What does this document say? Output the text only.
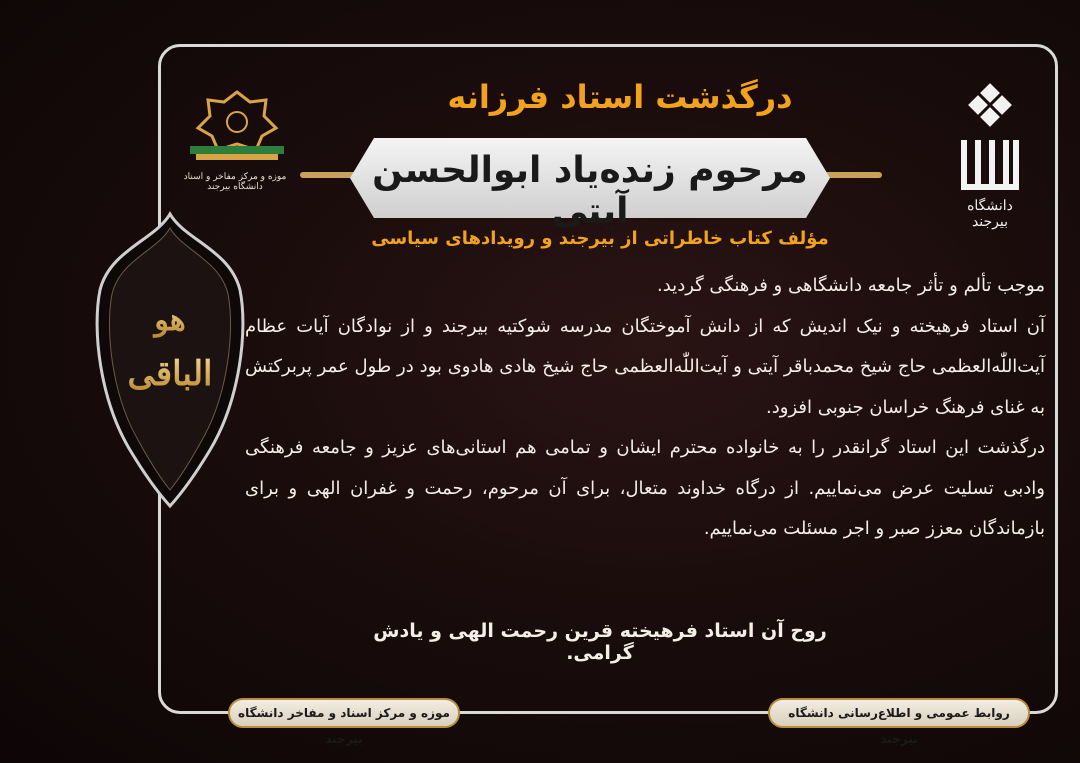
هو
الباقی
موزه و مرکز مفاخر و اسناد دانشگاه بیرجند
دانشگاه بیرجند
درگذشت استاد فرزانه
مرحوم زنده‌یاد ابوالحسن آیتی
مؤلف کتاب خاطراتی از بیرجند و رویدادهای سیاسی

موجب تألم و تأثر جامعه دانشگاهی و فرهنگی گردید.

آن استاد فرهیخته و نیک اندیش که از دانش آموختگان مدرسه شوکتیه بیرجند و از نوادگان آیات عظام آیت‌اللّٰه‌العظمی حاج شیخ محمدباقر آیتی و آیت‌اللّٰه‌العظمی حاج شیخ هادی هادوی بود در طول عمر پربرکتش به غنای فرهنگ خراسان جنوبی افزود.

درگذشت این استاد گرانقدر را به خانواده محترم ایشان و تمامی هم استانی‌های عزیز و جامعه فرهنگی وادبی تسلیت عرض می‌نماییم. از درگاه خداوند متعال، برای آن مرحوم، رحمت و غفران الهی و برای بازماندگان معزز صبر و اجر مسئلت می‌نماییم.

روح آن استاد فرهیخته قرین رحمت الهی و یادش گرامی.
موزه و مرکز اسناد و مفاخر دانشگاه بیرجند
روابط عمومی و اطلاع‌رسانی دانشگاه بیرجند
